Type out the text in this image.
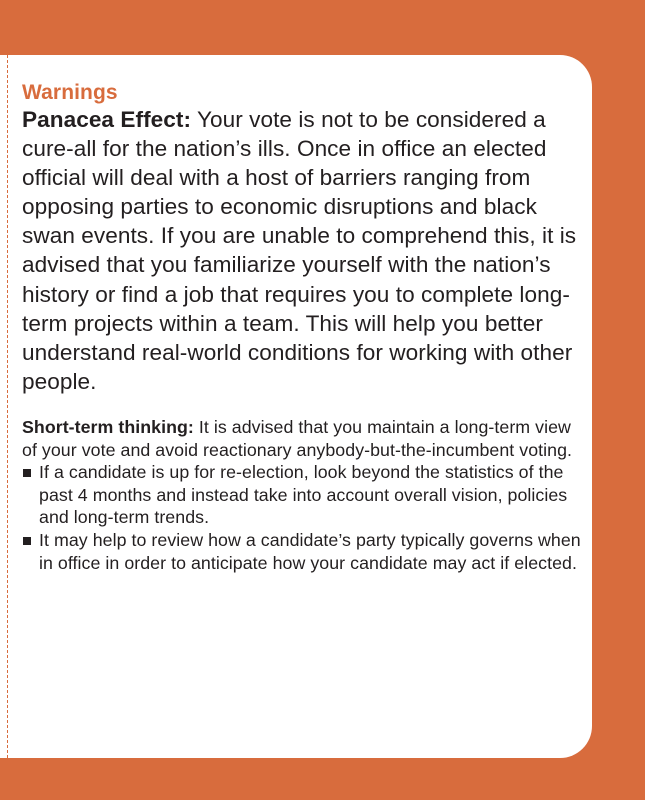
Warnings

Panacea Effect: Your vote is not to be considered a cure-all for the nation’s ills. Once in office an elected official will deal with a host of barriers ranging from opposing parties to economic disruptions and black swan events. If you are unable to comprehend this, it is advised that you familiarize yourself with the nation’s history or find a job that requires you to complete long-term projects within a team. This will help you better understand real-world conditions for working with other people.

Short-term thinking: It is advised that you maintain a long-term view of your vote and avoid reactionary anybody-but-the-incumbent voting.

If a candidate is up for re-election, look beyond the statistics of the past 4 months and instead take into account overall vision, policies and long-term trends.
It may help to review how a candidate’s party typically governs when in office in order to anticipate how your candidate may act if elected.
